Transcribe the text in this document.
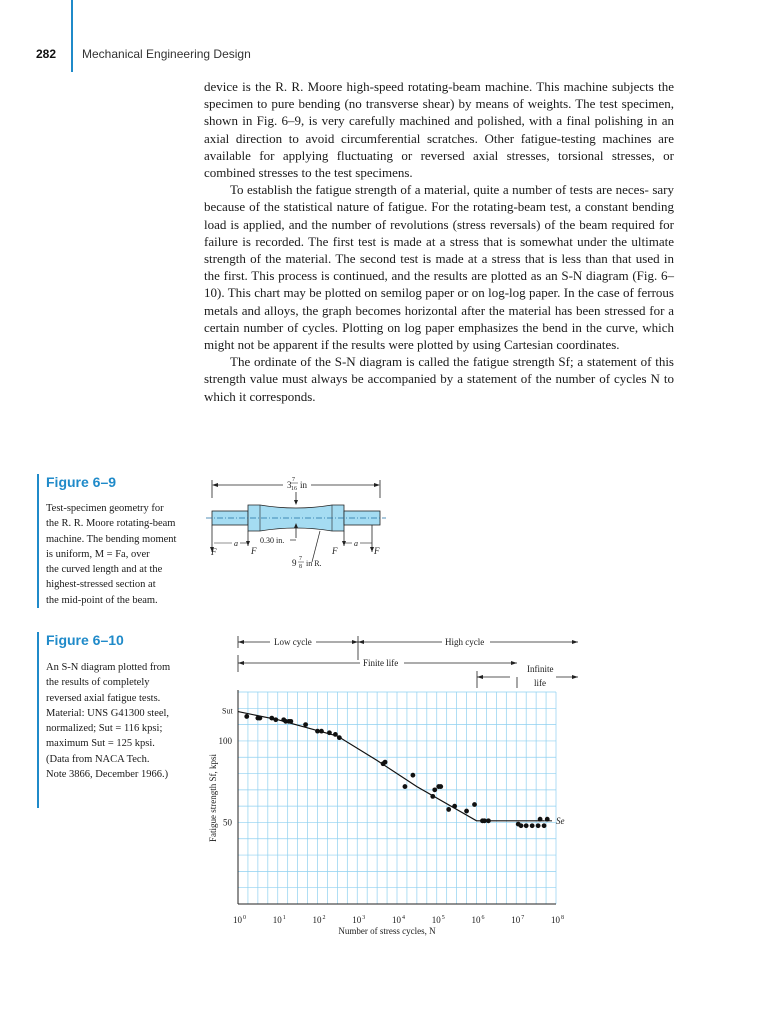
282 Mechanical Engineering Design

device is the R. R. Moore high-speed rotating-beam machine. This machine subjects the specimen to pure bending (no transverse shear) by means of weights. The test specimen, shown in Fig. 6–9, is very carefully machined and polished, with a final polishing in an axial direction to avoid circumferential scratches. Other fatigue-testing machines are available for applying fluctuating or reversed axial stresses, torsional stresses, or combined stresses to the test specimens.

To establish the fatigue strength of a material, quite a number of tests are neces- sary because of the statistical nature of fatigue. For the rotating-beam test, a constant bending load is applied, and the number of revolutions (stress reversals) of the beam required for failure is recorded. The first test is made at a stress that is somewhat under the ultimate strength of the material. The second test is made at a stress that is less than that used in the first. This process is continued, and the results are plotted as an S-N diagram (Fig. 6–10). This chart may be plotted on semilog paper or on log-log paper. In the case of ferrous metals and alloys, the graph becomes horizontal after the material has been stressed for a certain number of cycles. Plotting on log paper emphasizes the bend in the curve, which might not be apparent if the results were plotted by using Cartesian coordinates.

The ordinate of the S-N diagram is called the fatigue strength Sf; a statement of this strength value must always be accompanied by a statement of the number of cycles N to which it corresponds.

Figure 6–9
Test-specimen geometry for
the R. R. Moore rotating-beam
machine. The bending moment
is uniform, M = Fa, over
the curved length and at the
highest-stressed section at
the mid-point of the beam.
3 7
16 in
0.30 in.
F	F	F	F
a	a
9 7
8 in R.
Figure 6–10
An S-N diagram plotted from
the results of completely
reversed axial fatigue tests.
Material: UNS G41300 steel,
normalized; Sut = 116 kpsi;
maximum Sut = 125 kpsi.
(Data from NACA Tech.
Note 3866, December 1966.)
10 0	10 1	10 2	10 3	10 4	10 5	10 6	10 7	10 8
50
100
Number of stress cycles, N
Fatigue strength Sf, kpsi
Sut
Se
Low cycle	High cycle
Finite life
Infinite
life
